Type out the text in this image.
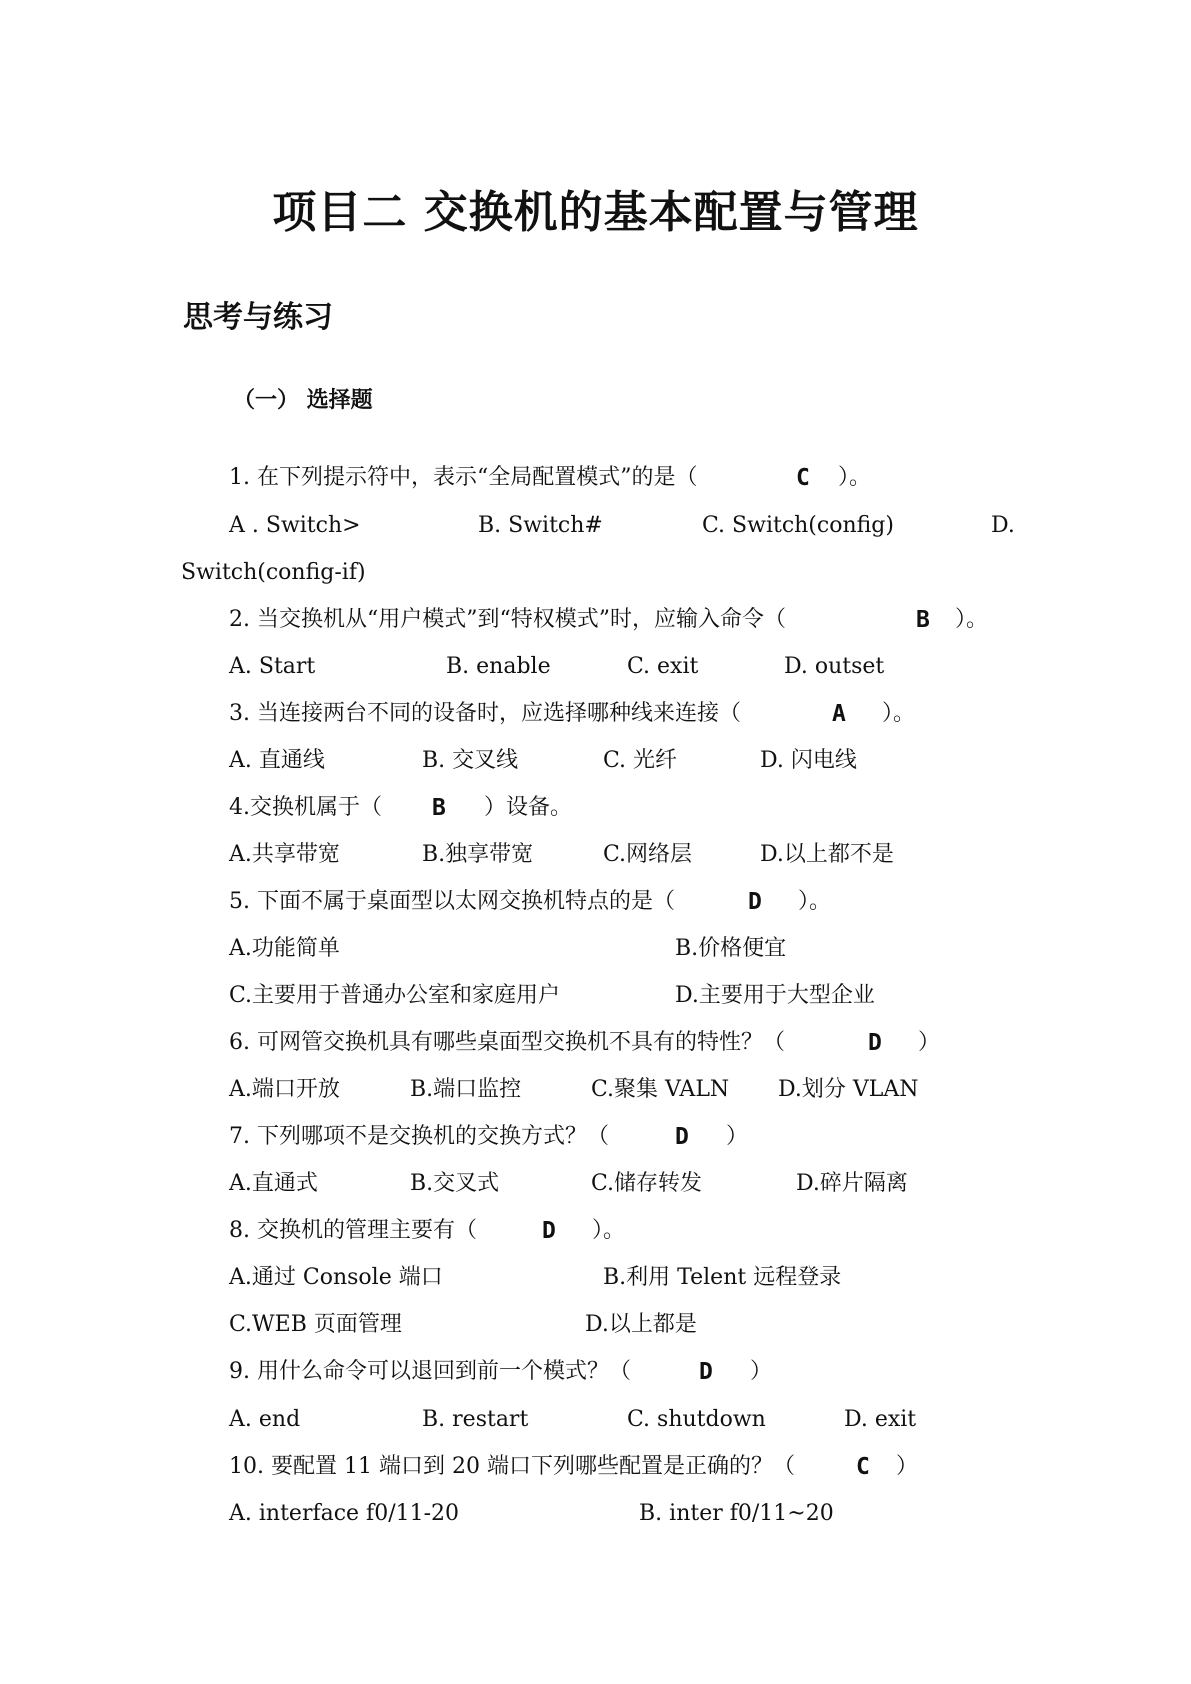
项目二 交换机的基本配置与管理
思考与练习
（一） 选择题
1. 在下列提示符中，表示“全局配置模式”的是（	C ）。
A . Switch>	B. Switch#	C. Switch(config)	D.
Switch(config-if)
2. 当交换机从“用户模式”到“特权模式”时，应输入命令（	B ）。
A. Start	B. enable	C. exit	D. outset
3. 当连接两台不同的设备时，应选择哪种线来连接（	A ）。
A. 直通线	B. 交叉线	C. 光纤	D. 闪电线
4.交换机属于（ B ）设备。
A.共享带宽	B.独享带宽	C.网络层	D.以上都不是
5. 下面不属于桌面型以太网交换机特点的是（	D ）。
A.功能简单	B.价格便宜
C.主要用于普通办公室和家庭用户	D.主要用于大型企业
6. 可网管交换机具有哪些桌面型交换机不具有的特性？（	D ）
A.端口开放	B.端口监控	C.聚集 VALN D.划分 VLAN
7. 下列哪项不是交换机的交换方式？（	D ）
A.直通式	B.交叉式	C.储存转发	D.碎片隔离
8. 交换机的管理主要有（	D ）。
A.通过 Console 端口	B.利用 Telent 远程登录
C.WEB 页面管理	D.以上都是
9. 用什么命令可以退回到前一个模式？（	D ）
A. end	B. restart	C. shutdown	D. exit
10. 要配置 11 端口到 20 端口下列哪些配置是正确的？（	C ）
A. interface f0/11-20	B. inter f0/11~20
